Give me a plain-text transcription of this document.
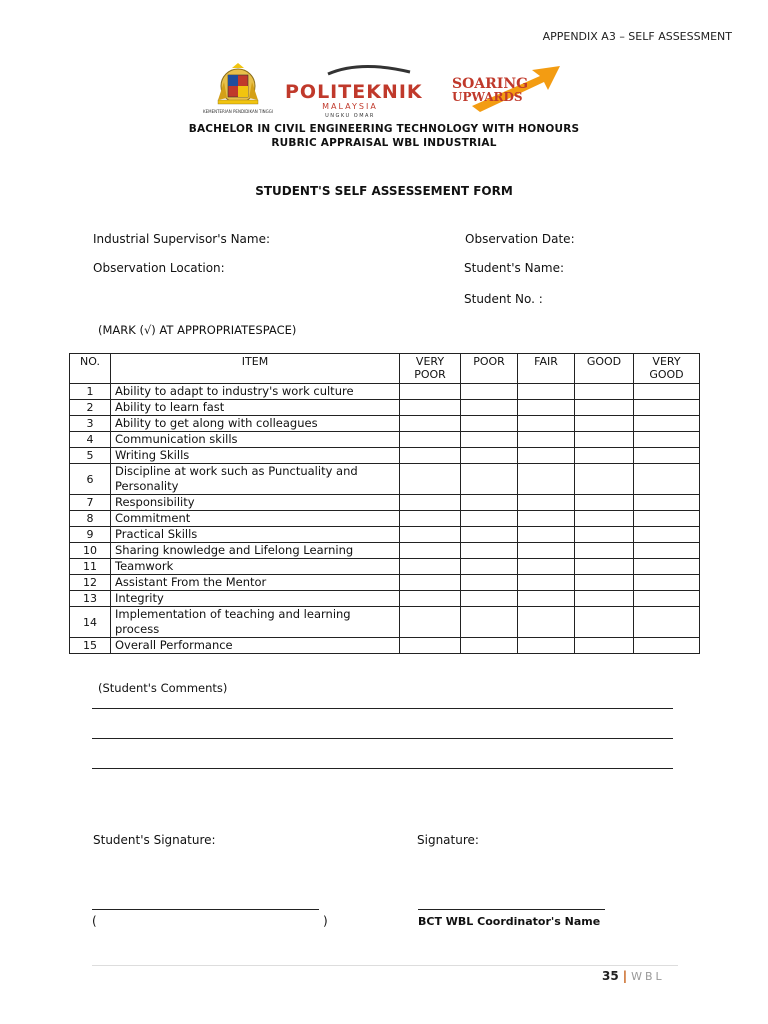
APPENDIX A3 – SELF ASSESSMENT
KEMENTERIAN PENDIDIKAN TINGGI
POLITEKNIK
MALAYSIA
UNGKU OMAR
SOARING
UPWARDS
BACHELOR IN CIVIL ENGINEERING TECHNOLOGY WITH HONOURS
RUBRIC APPRAISAL WBL INDUSTRIAL
STUDENT'S SELF ASSESSEMENT FORM
Industrial Supervisor's Name:	Observation Date:
Observation Location:	Student's Name:
Student No. :
(MARK (√) AT APPROPRIATESPACE)
NO.	ITEM	VERY POOR	POOR	FAIR	GOOD	VERY GOOD
1	Ability to adapt to industry's work culture					
2	Ability to learn fast					
3	Ability to get along with colleagues					
4	Communication skills					
5	Writing Skills					
6	Discipline at work such as Punctuality and Personality					
7	Responsibility					
8	Commitment					
9	Practical Skills					
10	Sharing knowledge and Lifelong Learning					
11	Teamwork					
12	Assistant From the Mentor					
13	Integrity					
14	Implementation of teaching and learning process					
15	Overall Performance					
(Student's Comments)
Student's Signature:	Signature:
(	)	BCT WBL Coordinator's Name
35 | WBL
